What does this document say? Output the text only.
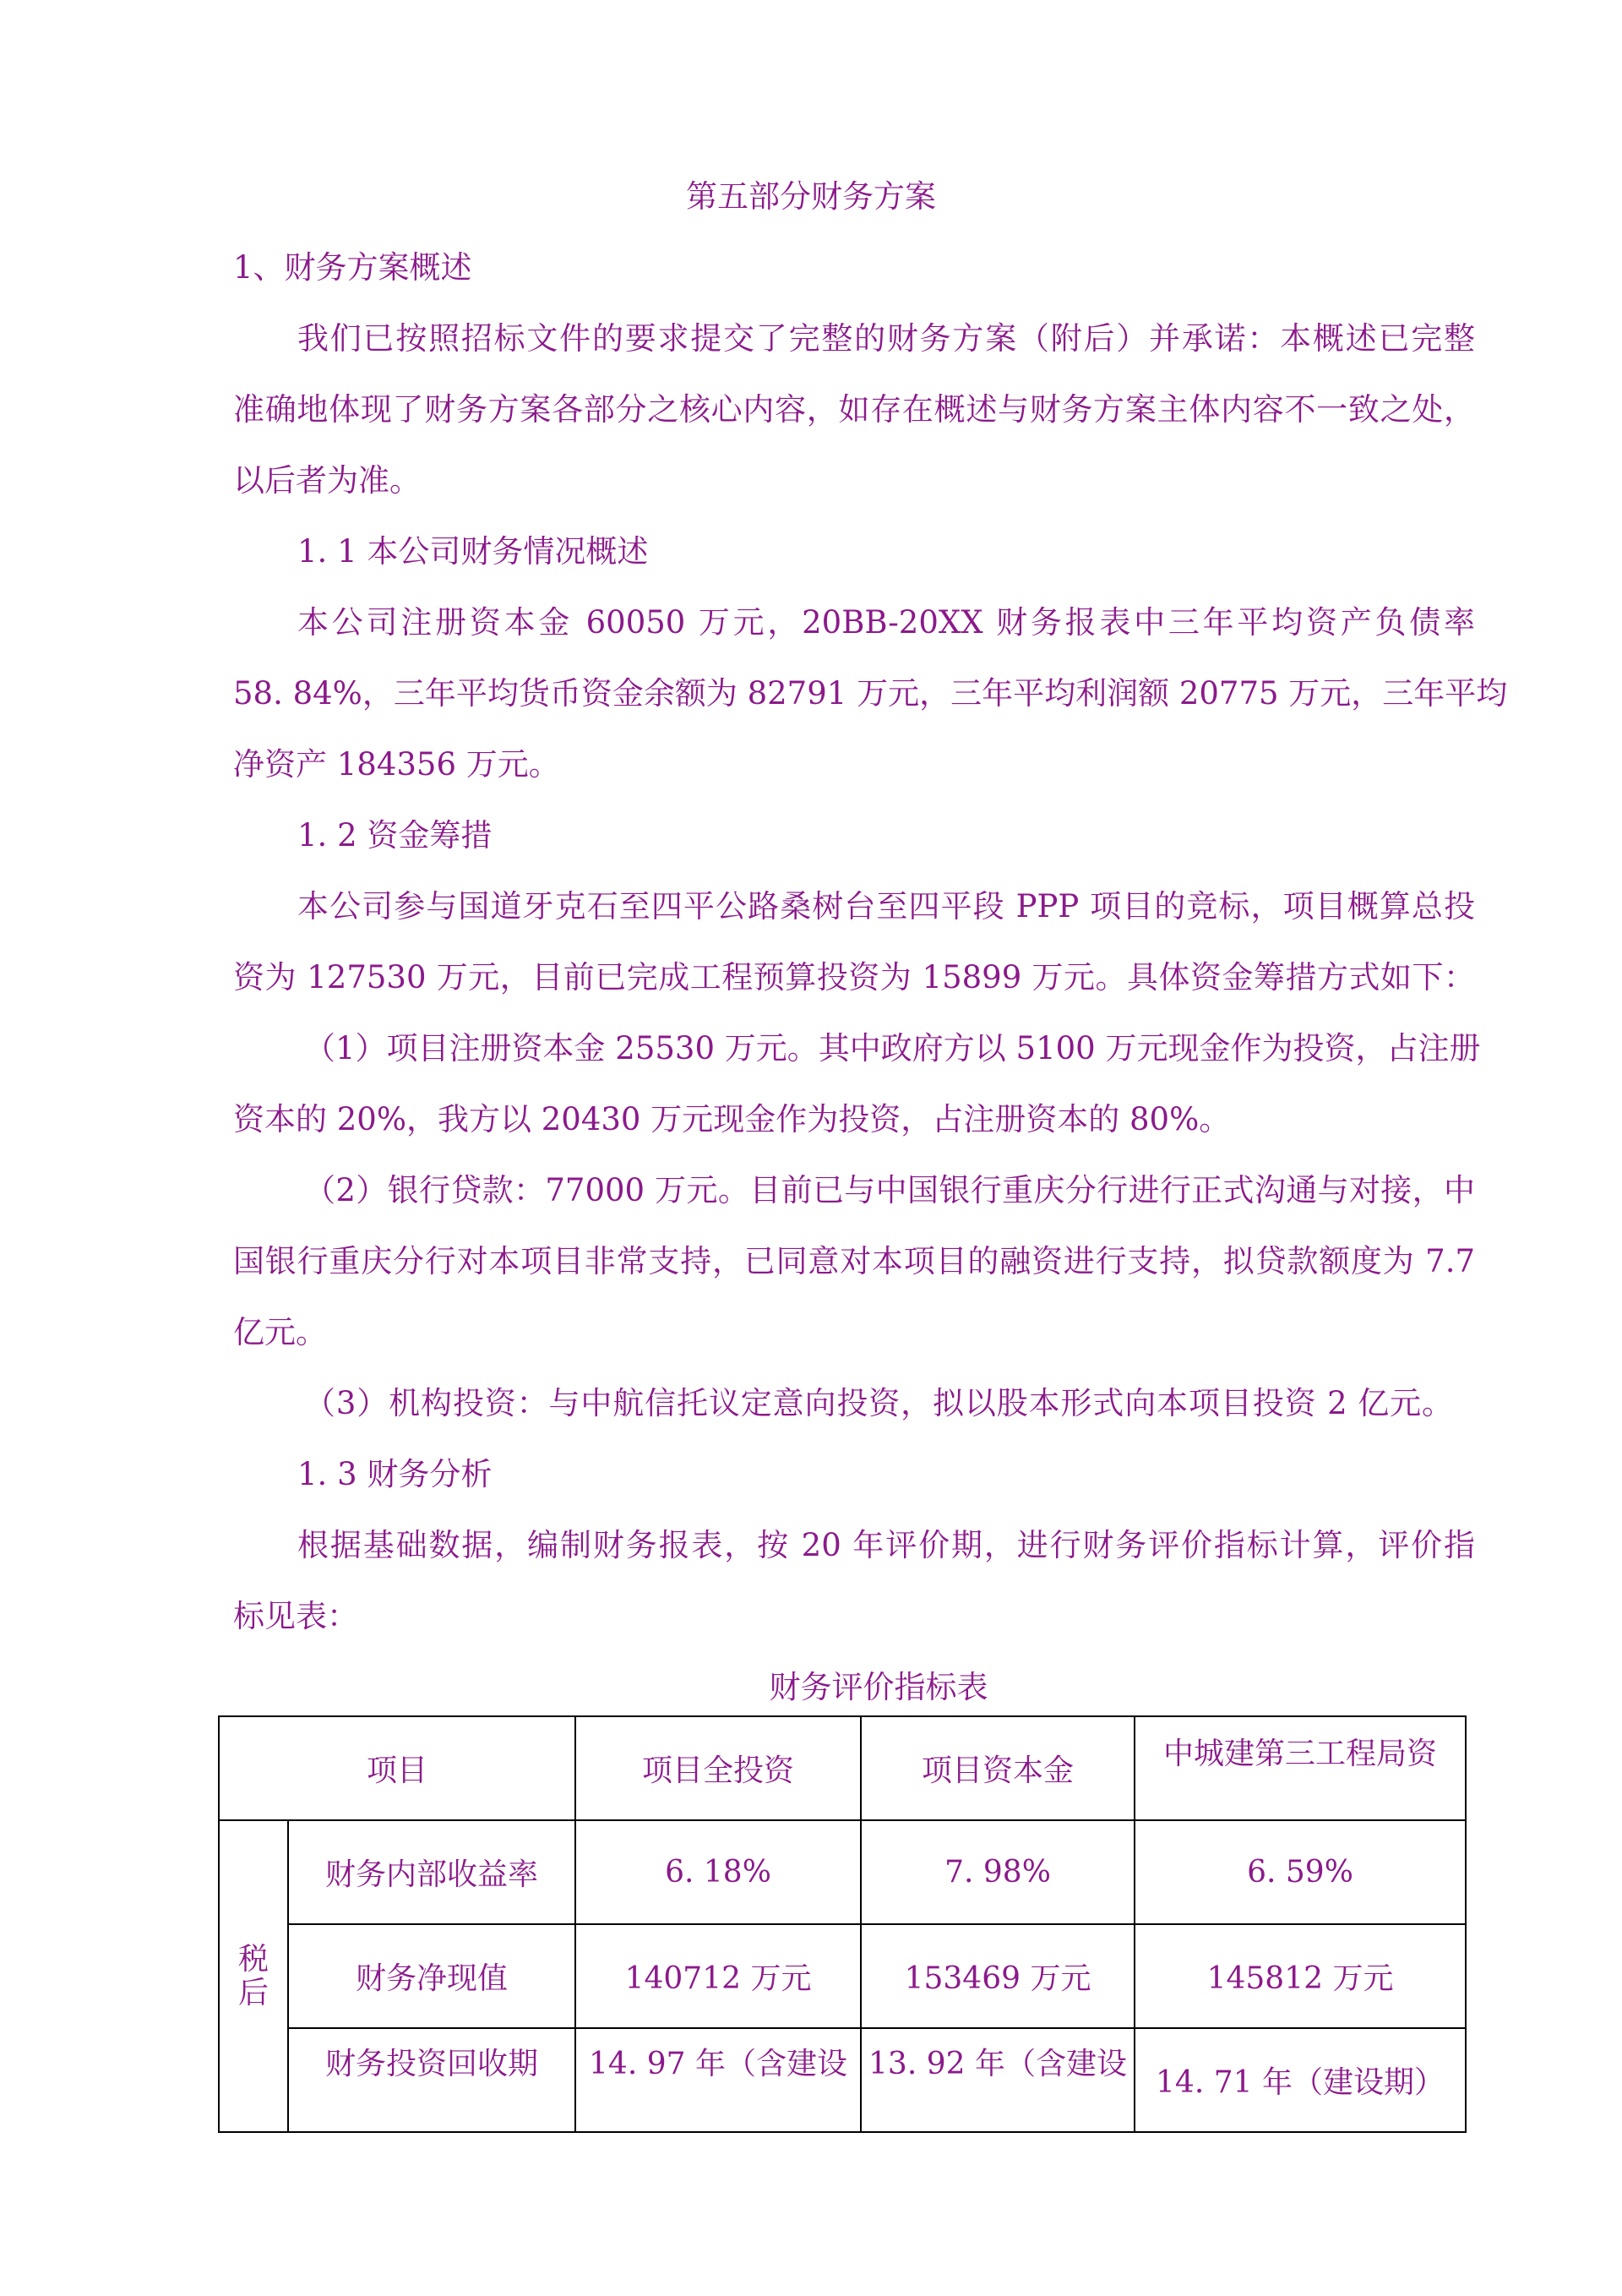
第五部分财务方案
1、财务方案概述
我们已按照招标文件的要求提交了完整的财务方案（附后）并承诺：本概述已完整
准确地体现了财务方案各部分之核心内容，如存在概述与财务方案主体内容不一致之处，
以后者为准。
1. 1 本公司财务情况概述
本公司注册资本金 60050 万元，20BB-20XX 财务报表中三年平均资产负债率
58. 84%，三年平均货币资金余额为 82791 万元，三年平均利润额 20775 万元，三年平均
净资产 184356 万元。
1. 2 资金筹措
本公司参与国道牙克石至四平公路桑树台至四平段 PPP 项目的竞标，项目概算总投
资为 127530 万元，目前已完成工程预算投资为 15899 万元。具体资金筹措方式如下：
（1）项目注册资本金 25530 万元。其中政府方以 5100 万元现金作为投资，占注册
资本的 20%，我方以 20430 万元现金作为投资，占注册资本的 80%。
（2）银行贷款：77000 万元。目前已与中国银行重庆分行进行正式沟通与对接，中
国银行重庆分行对本项目非常支持，已同意对本项目的融资进行支持，拟贷款额度为 7.7
亿元。
（3）机构投资：与中航信托议定意向投资，拟以股本形式向本项目投资 2 亿元。
1. 3 财务分析
根据基础数据，编制财务报表，按 20 年评价期，进行财务评价指标计算，评价指
标见表：
财务评价指标表
项目		项目全投资	项目资本金	中城建第三工程局资

税后	财务内部收益率	6. 18%	7. 98%	6. 59%
	财务净现值	140712 万元	153469 万元	145812 万元

	财务投资回收期	14. 97 年（含建设	13. 92 年（含建设	14. 71 年（建设期）
